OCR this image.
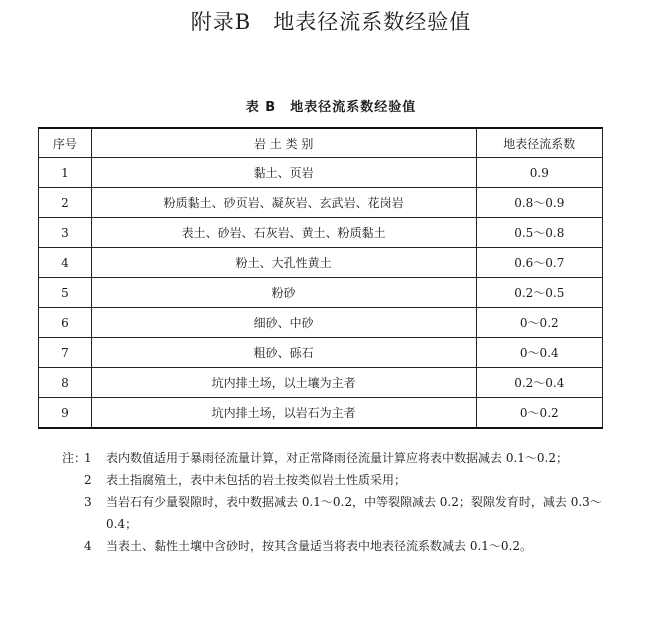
附录B　地表径流系数经验值
表 B　地表径流系数经验值
序号	岩 土 类 别	地表径流系数
1	黏土、页岩	0.9
2	粉质黏土、砂页岩、凝灰岩、玄武岩、花岗岩	0.8～0.9
3	表土、砂岩、石灰岩、黄土、粉质黏土	0.5～0.8
4	粉土、大孔性黄土	0.6～0.7
5	粉砂	0.2～0.5
6	细砂、中砂	0～0.2
7	粗砂、砾石	0～0.4
8	坑内排土场，以土壤为主者	0.2～0.4
9	坑内排土场，以岩石为主者	0～0.2
注：
1	表内数值适用于暴雨径流量计算，对正常降雨径流量计算应将表中数据减去 0.1～0.2；
2	表土指腐殖土，表中未包括的岩土按类似岩土性质采用；
3	当岩石有少量裂隙时，表中数据减去 0.1～0.2，中等裂隙减去 0.2；裂隙发育时，减去 0.3～0.4；
4	当表土、黏性土壤中含砂时，按其含量适当将表中地表径流系数减去 0.1～0.2。
